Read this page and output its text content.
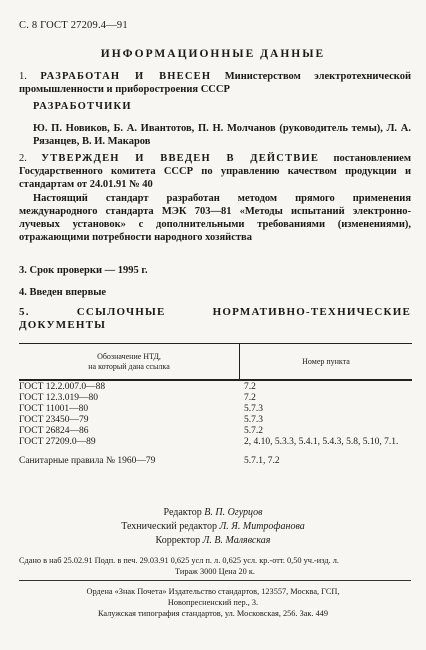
С. 8 ГОСТ 27209.4—91
ИНФОРМАЦИОННЫЕ ДАННЫЕ
1. РАЗРАБОТАН И ВНЕСЕН Министерством электротехнической промышленности и приборостроения СССР
РАЗРАБОТЧИКИ
Ю. П. Новиков, Б. А. Ивантотов, П. Н. Молчанов (руководитель темы), Л. А. Рязанцев, В. И. Макаров
2. УТВЕРЖДЕН И ВВЕДЕН В ДЕЙСТВИЕ постановлением Государственного комитета СССР по управлению качеством продукции и стандартам от 24.01.91 № 40
Настоящий стандарт разработан методом прямого применения международного стандарта МЭК 703—81 «Методы испытаний электронно-лучевых установок» с дополнительными требованиями (изменениями), отражающими потребности народного хозяйства
3. Срок проверки — 1995 г.
4. Введен впервые
5. ССЫЛОЧНЫЕ НОРМАТИВНО-ТЕХНИЧЕСКИЕ ДОКУМЕНТЫ
Обозначение НТД,
на который дана ссылка
Номер пункта
ГОСТ 12.2.007.0—88	7.2
ГОСТ 12.3.019—80	7.2
ГОСТ 11001—80	5.7.3
ГОСТ 23450—79	5.7.3
ГОСТ 26824—86	5.7.2
ГОСТ 27209.0—89	2, 4.10, 5.3.3, 5.4.1, 5.4.3, 5.8, 5.10, 7.1.
Санитарные правила № 1960—79	5.7.1, 7.2
Редактор В. П. Огурцов
Технический редактор Л. Я. Митрофанова
Корректор Л. В. Малявская
Сдано в наб 25.02.91 Подп. в печ. 29.03.91 0,625 усл п. л. 0,625 усл. кр.-отт. 0,50 уч.-изд. л.
Тираж 3000 Цена 20 к.
Ордена «Знак Почета» Издательство стандартов, 123557, Москва, ГСП,
Новопресненский пер., 3.
Калужская типография стандартов, ул. Московская, 256. Зак. 449
